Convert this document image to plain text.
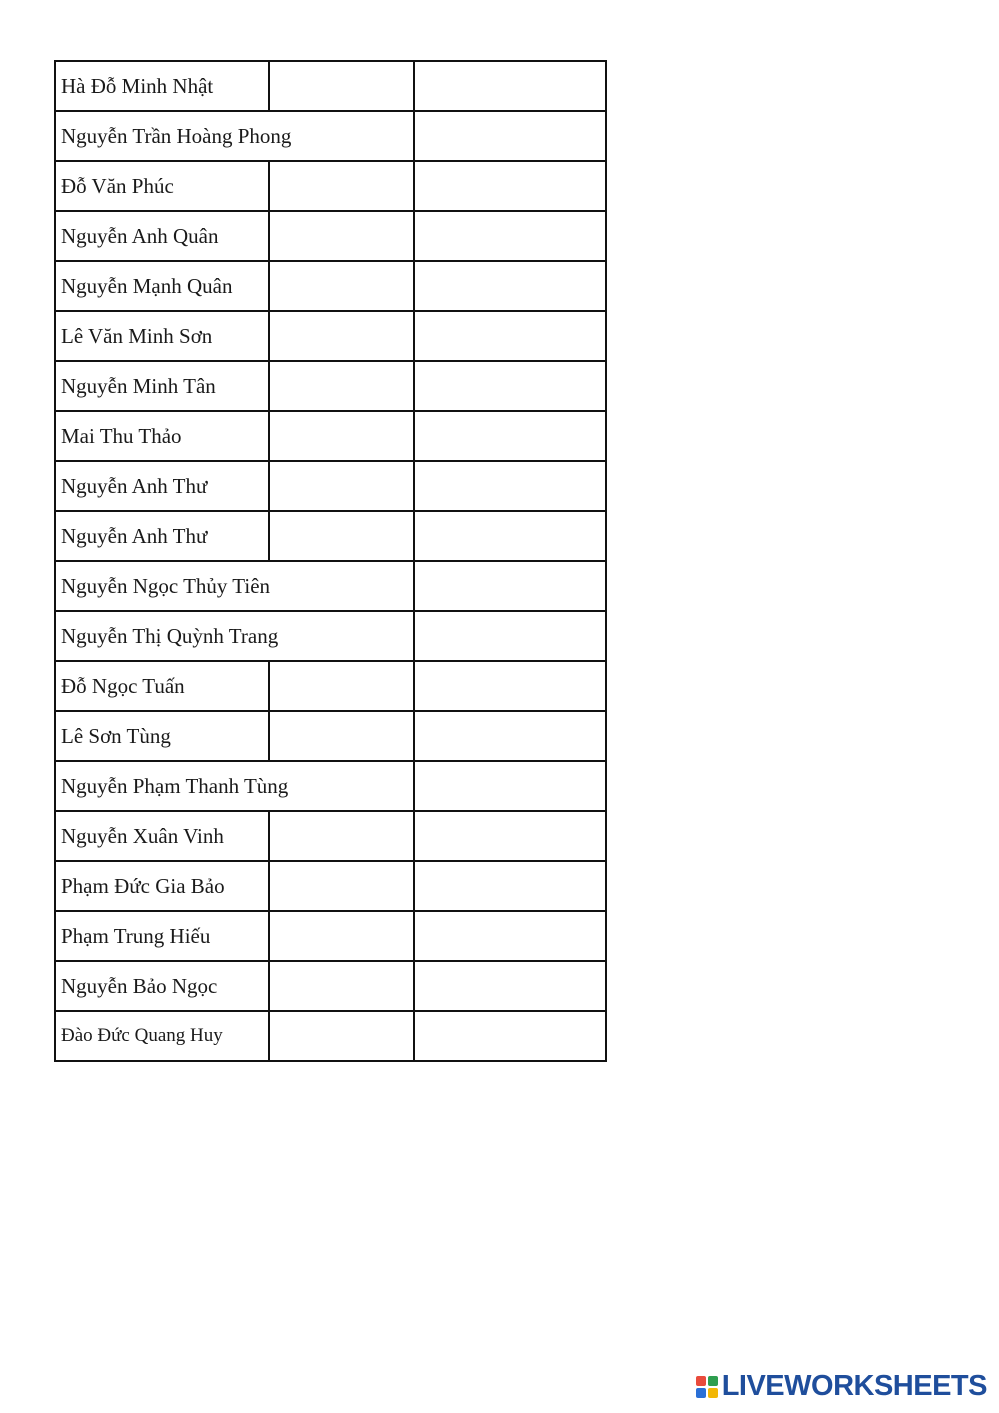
Hà Đỗ Minh Nhật		
Nguyễn Trần Hoàng Phong		
Đỗ Văn Phúc		
Nguyễn Anh Quân		
Nguyễn Mạnh Quân		
Lê Văn Minh Sơn		
Nguyễn Minh Tân		
Mai Thu Thảo		
Nguyễn Anh Thư		
Nguyễn Anh Thư		
Nguyễn Ngọc Thủy Tiên		
Nguyễn Thị Quỳnh Trang		
Đỗ Ngọc Tuấn		
Lê Sơn Tùng		
Nguyễn Phạm Thanh Tùng		
Nguyễn Xuân Vinh		
Phạm Đức Gia Bảo		
Phạm Trung Hiếu		
Nguyễn Bảo Ngọc		
Đào Đức Quang Huy		
LIVEWORKSHEETS
